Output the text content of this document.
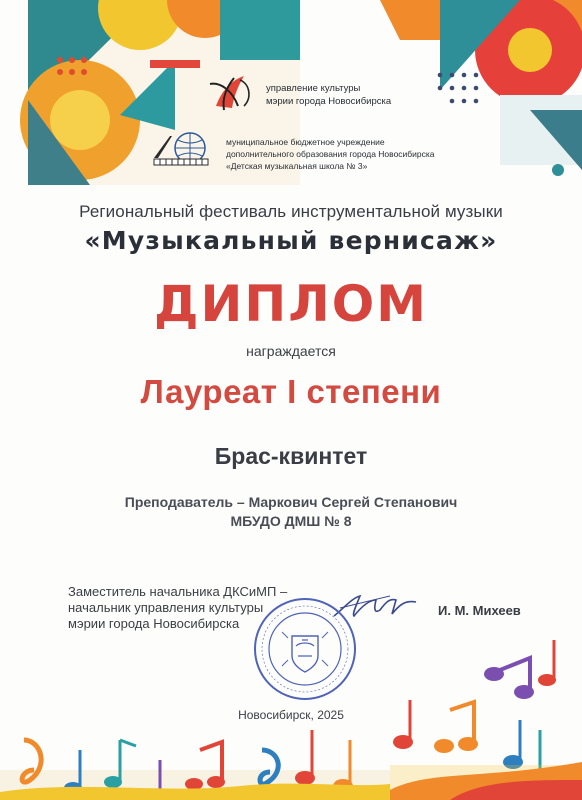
управление культуры
мэрии города Новосибирска
муниципальное бюджетное учреждение
дополнительного образования города Новосибирска
«Детская музыкальная школа № 3»
Региональный фестиваль инструментальной музыки
«Музыкальный вернисаж»
ДИПЛОМ
награждается
Лауреат I степени
Брас-квинтет
Преподаватель – Маркович Сергей Степанович
МБУДО ДМШ № 8
Заместитель начальника ДКСиМП –
начальник управления культуры
мэрии города Новосибирска
И. М. Михеев
Новосибирск, 2025
